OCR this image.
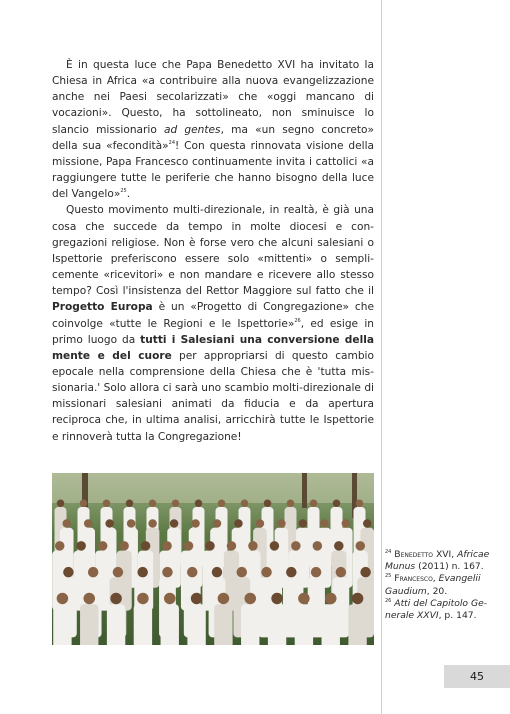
È in questa luce che Papa Benedetto XVI ha invitato la Chiesa in Africa «a contribuire alla nuova evangelizzazione anche nei Paesi secolarizzati» che «oggi mancano di vocazioni». Questo, ha sottolineato, non sminuisce lo slancio missionario ad gentes, ma «un segno concreto» della sua «fecondità»$^{24}$! Con questa rinnovata visione della missione, Papa Francesco continuamente invita i cattolici «a raggiungere tutte le periferie che hanno bisogno della luce del Vangelo»$^{25}$.

Questo movimento multi-direzionale, in realtà, è già una cosa che succede da tempo in molte diocesi e congregazioni religiose. Non è forse vero che alcuni salesiani o Ispettorie preferiscono essere solo «mittenti» o semplicemente «ricevitori» e non mandare e ricevere allo stesso tempo? Così l'insistenza del Rettor Maggiore sul fatto che il Progetto Europa è un «Progetto di Congregazione» che coinvolge «tutte le Regioni e le Ispettorie»$^{26}$, ed esige in primo luogo da tutti i Salesiani una conversione della mente e del cuore per appropriarsi di questo cambio epocale nella comprensione della Chiesa che è 'tutta missionaria.' Solo allora ci sarà uno scambio molti-direzionale di missionari salesiani animati da fiducia e da apertura reciproca che, in ultima analisi, arricchirà tutte le Ispettorie e rinnoverà tutta la Congregazione!

$^{24}$ Benedetto XVI, Africae Munus (2011) n. 167.

$^{25}$ Francesco, Evangelii Gaudium, 20.

$^{26}$ Atti del Capitolo Generale XXVI, p. 147.

45
